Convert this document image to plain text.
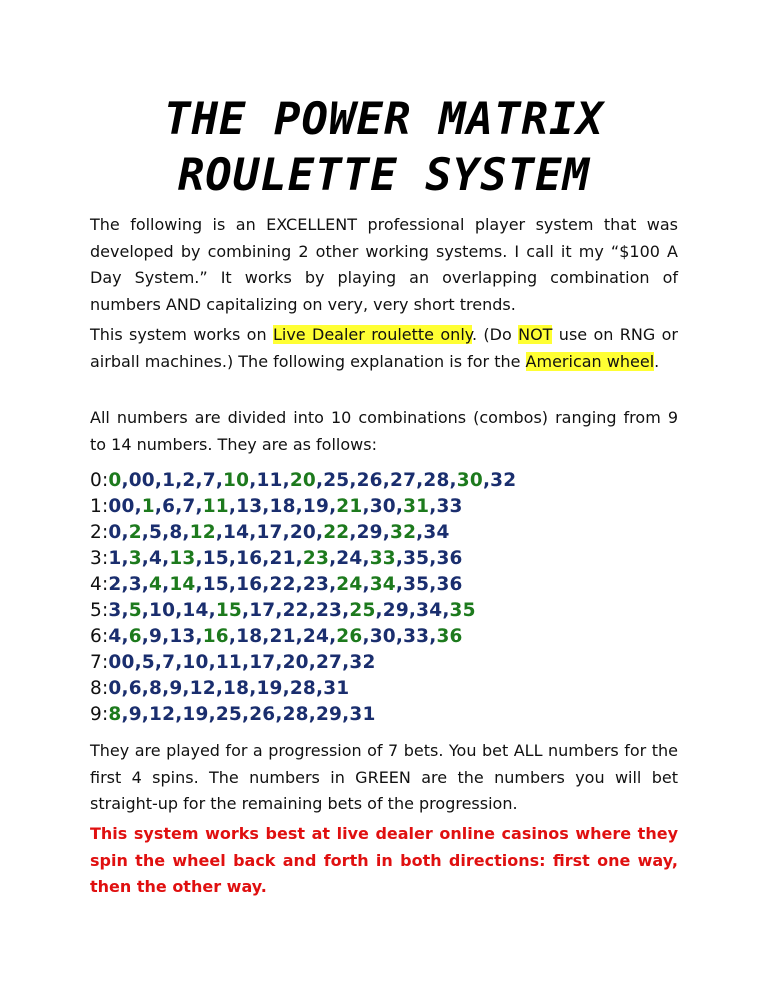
THE POWER MATRIX
ROULETTE SYSTEM
The following is an EXCELLENT professional player system that was developed by combining 2 other working systems. I call it my “$100 A Day System.” It works by playing an overlapping combination of numbers AND capitalizing on very, very short trends.
This system works on Live Dealer roulette only. (Do NOT use on RNG or airball machines.) The following explanation is for the American wheel.
All numbers are divided into 10 combinations (combos) ranging from 9 to 14 numbers. They are as follows:
0:0,00,1,2,7,10,11,20,25,26,27,28,30,32
1:00,1,6,7,11,13,18,19,21,30,31,33
2:0,2,5,8,12,14,17,20,22,29,32,34
3:1,3,4,13,15,16,21,23,24,33,35,36
4:2,3,4,14,15,16,22,23,24,34,35,36
5:3,5,10,14,15,17,22,23,25,29,34,35
6:4,6,9,13,16,18,21,24,26,30,33,36
7:00,5,7,10,11,17,20,27,32
8:0,6,8,9,12,18,19,28,31
9:8,9,12,19,25,26,28,29,31
They are played for a progression of 7 bets. You bet ALL numbers for the first 4 spins. The numbers in GREEN are the numbers you will bet straight-up for the remaining bets of the progression.
This system works best at live dealer online casinos where they spin the wheel back and forth in both directions: first one way, then the other way.
